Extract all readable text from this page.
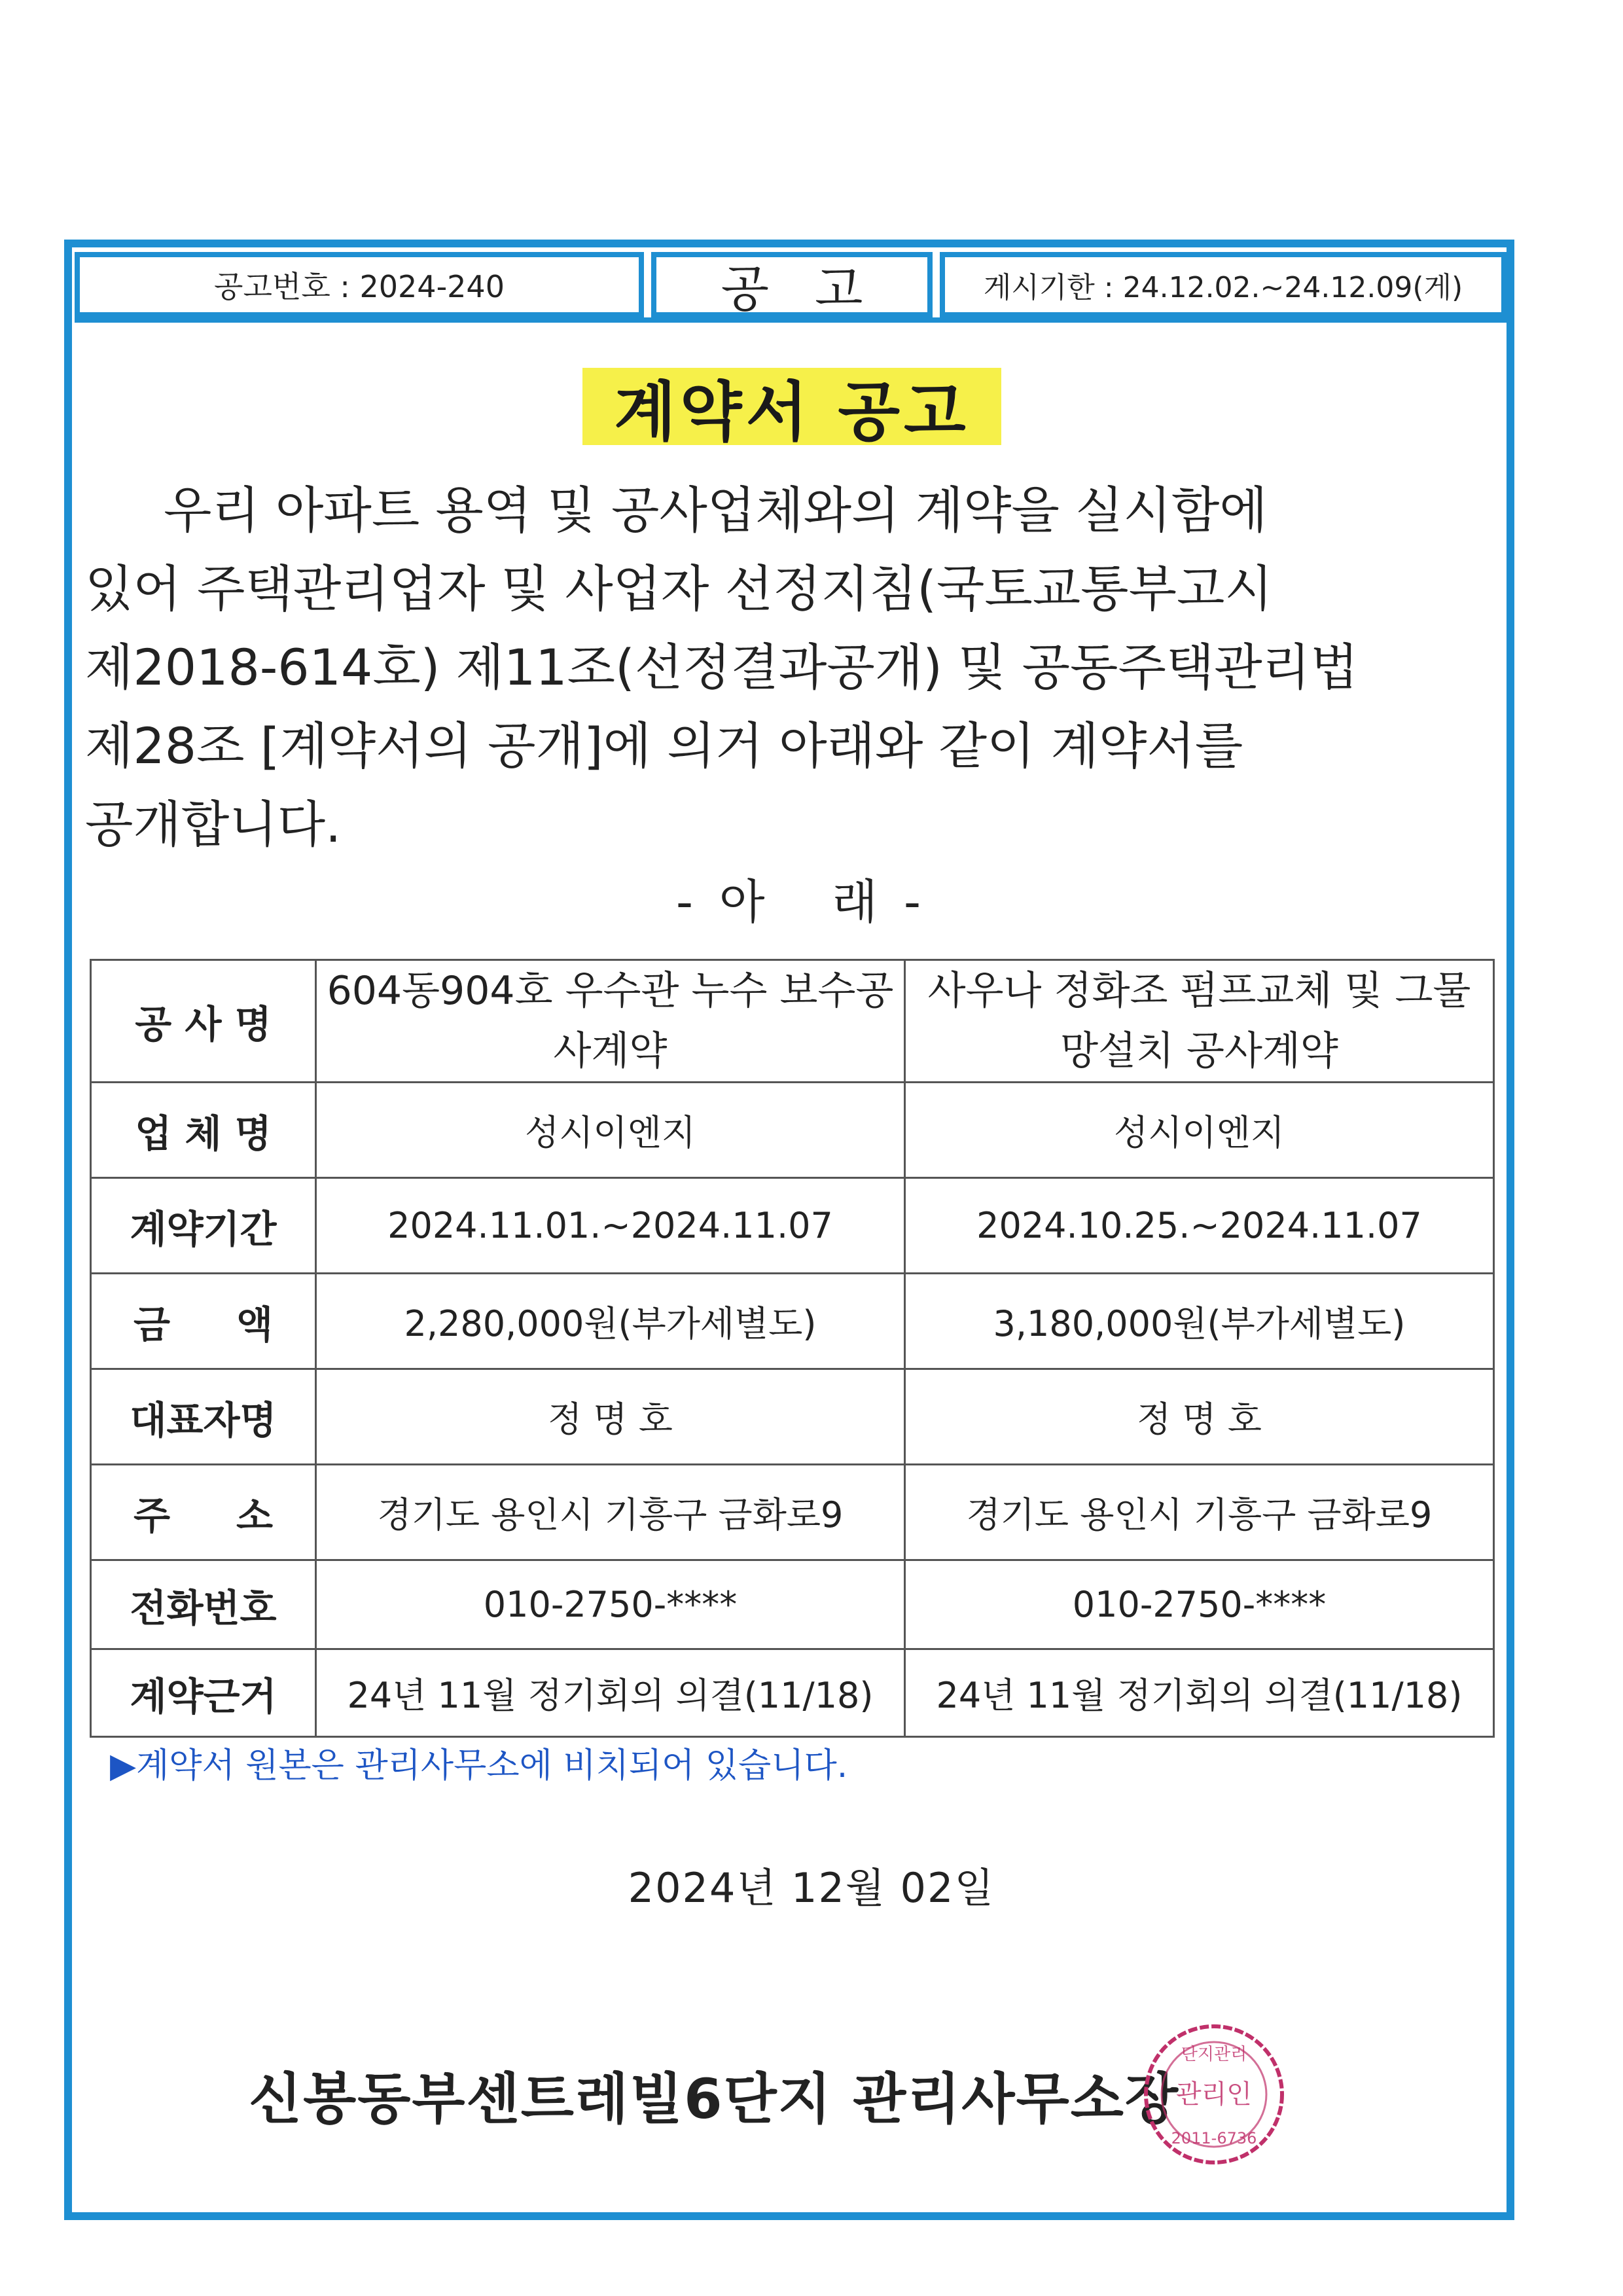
공고번호 : 2024-240	공고	게시기한 : 24.12.02.~24.12.09(게)
계약서 공고
우리 아파트 용역 및 공사업체와의 계약을 실시함에
있어 주택관리업자 및 사업자 선정지침(국토교통부고시
제2018-614호) 제11조(선정결과공개) 및 공동주택관리법
제28조 [계약서의 공개]에 의거 아래와 같이 계약서를
공개합니다.
-아 래-
공 사 명	604동904호 우수관 누수 보수공사계약	사우나 정화조 펌프교체 및 그물망설치 공사계약
업 체 명	성시이엔지	성시이엔지
계약기간	2024.11.01.~2024.11.07	2024.10.25.~2024.11.07
금     액	2,280,000원(부가세별도)	3,180,000원(부가세별도)
대표자명	정 명 호	정 명 호
주     소	경기도 용인시 기흥구 금화로9	경기도 용인시 기흥구 금화로9
전화번호	010-2750-****	010-2750-****
계약근거	24년 11월 정기회의 의결(11/18)	24년 11월 정기회의 의결(11/18)
▶계약서 원본은 관리사무소에 비치되어 있습니다.
2024년 12월 02일
신봉동부센트레빌6단지 관리사무소장
단지관리
관리인
2011-6736
